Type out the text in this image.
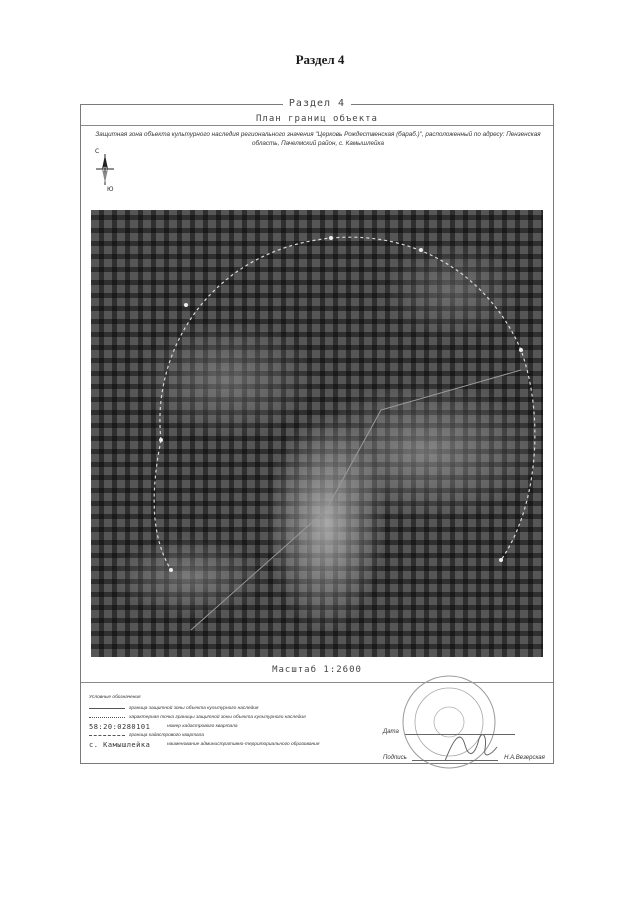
Раздел 4
Раздел 4
План границ объекта
Защитная зона объекта культурного наследия регионального значения "Церковь Рождественская (бараб.)", расположенный по адресу: Пензенская область, Пачелмский район, с. Камышлейка
С
Ю
Масштаб 1:2600
Условные обозначения
граница защитной зоны объекта культурного наследия
характерная точка границы защитной зоны объекта культурного наследия
58:20:0280101	номер кадастрового квартала
граница кадастрового квартала
с. Камышлейка	наименование административно-территориального образования
Дата
Подпись	Н.А.Везерская
